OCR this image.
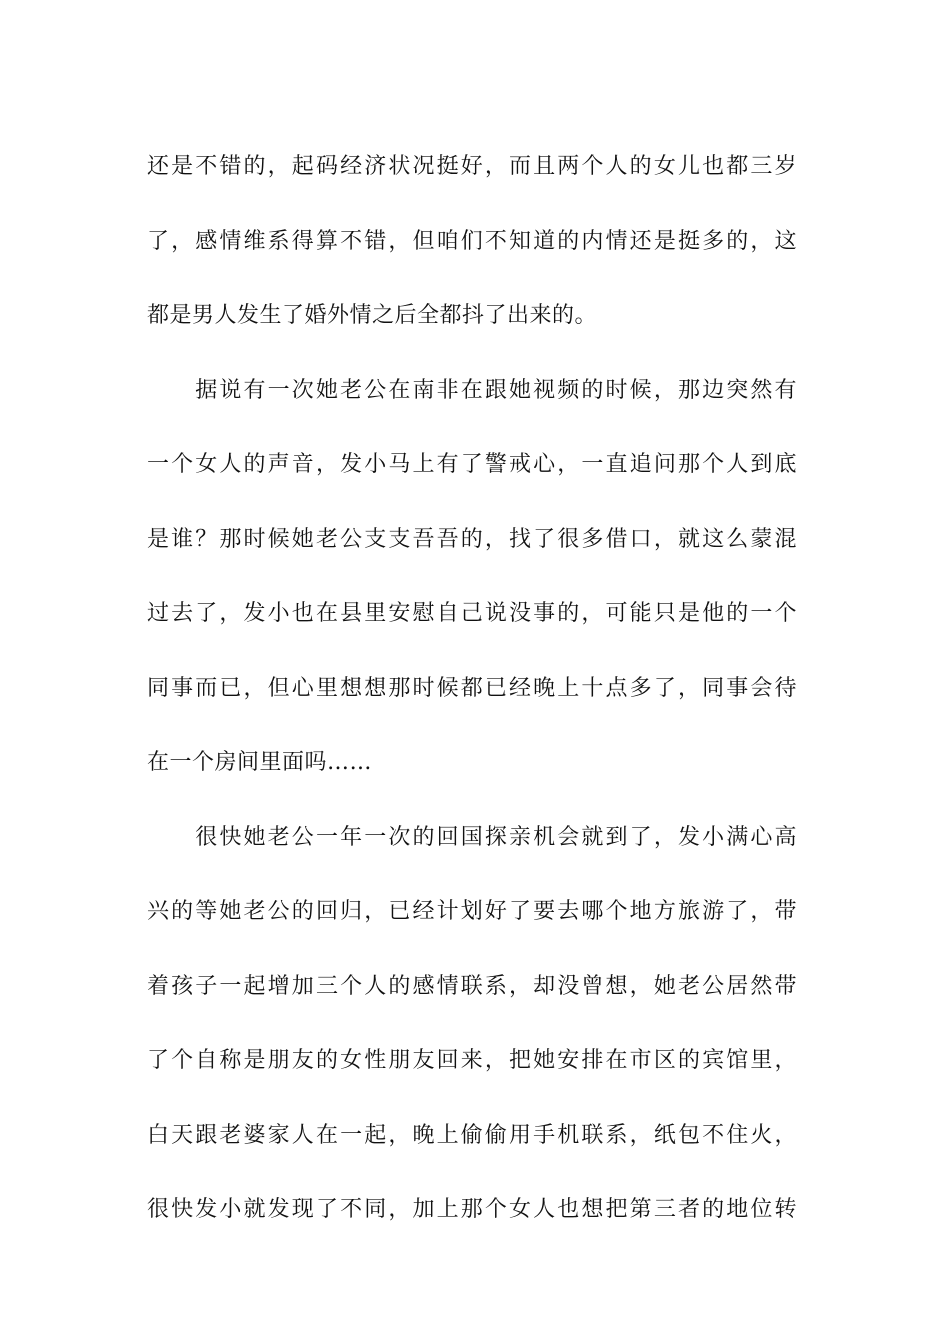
还是不错的，起码经济状况挺好，而且两个人的女儿也都三岁
了，感情维系得算不错，但咱们不知道的内情还是挺多的，这
都是男人发生了婚外情之后全都抖了出来的。
　　据说有一次她老公在南非在跟她视频的时候，那边突然有
一个女人的声音，发小马上有了警戒心，一直追问那个人到底
是谁？那时候她老公支支吾吾的，找了很多借口，就这么蒙混
过去了，发小也在县里安慰自己说没事的，可能只是他的一个
同事而已，但心里想想那时候都已经晚上十点多了，同事会待
在一个房间里面吗……
　　很快她老公一年一次的回国探亲机会就到了，发小满心高
兴的等她老公的回归，已经计划好了要去哪个地方旅游了，带
着孩子一起增加三个人的感情联系，却没曾想，她老公居然带
了个自称是朋友的女性朋友回来，把她安排在市区的宾馆里，
白天跟老婆家人在一起，晚上偷偷用手机联系，纸包不住火，
很快发小就发现了不同，加上那个女人也想把第三者的地位转
